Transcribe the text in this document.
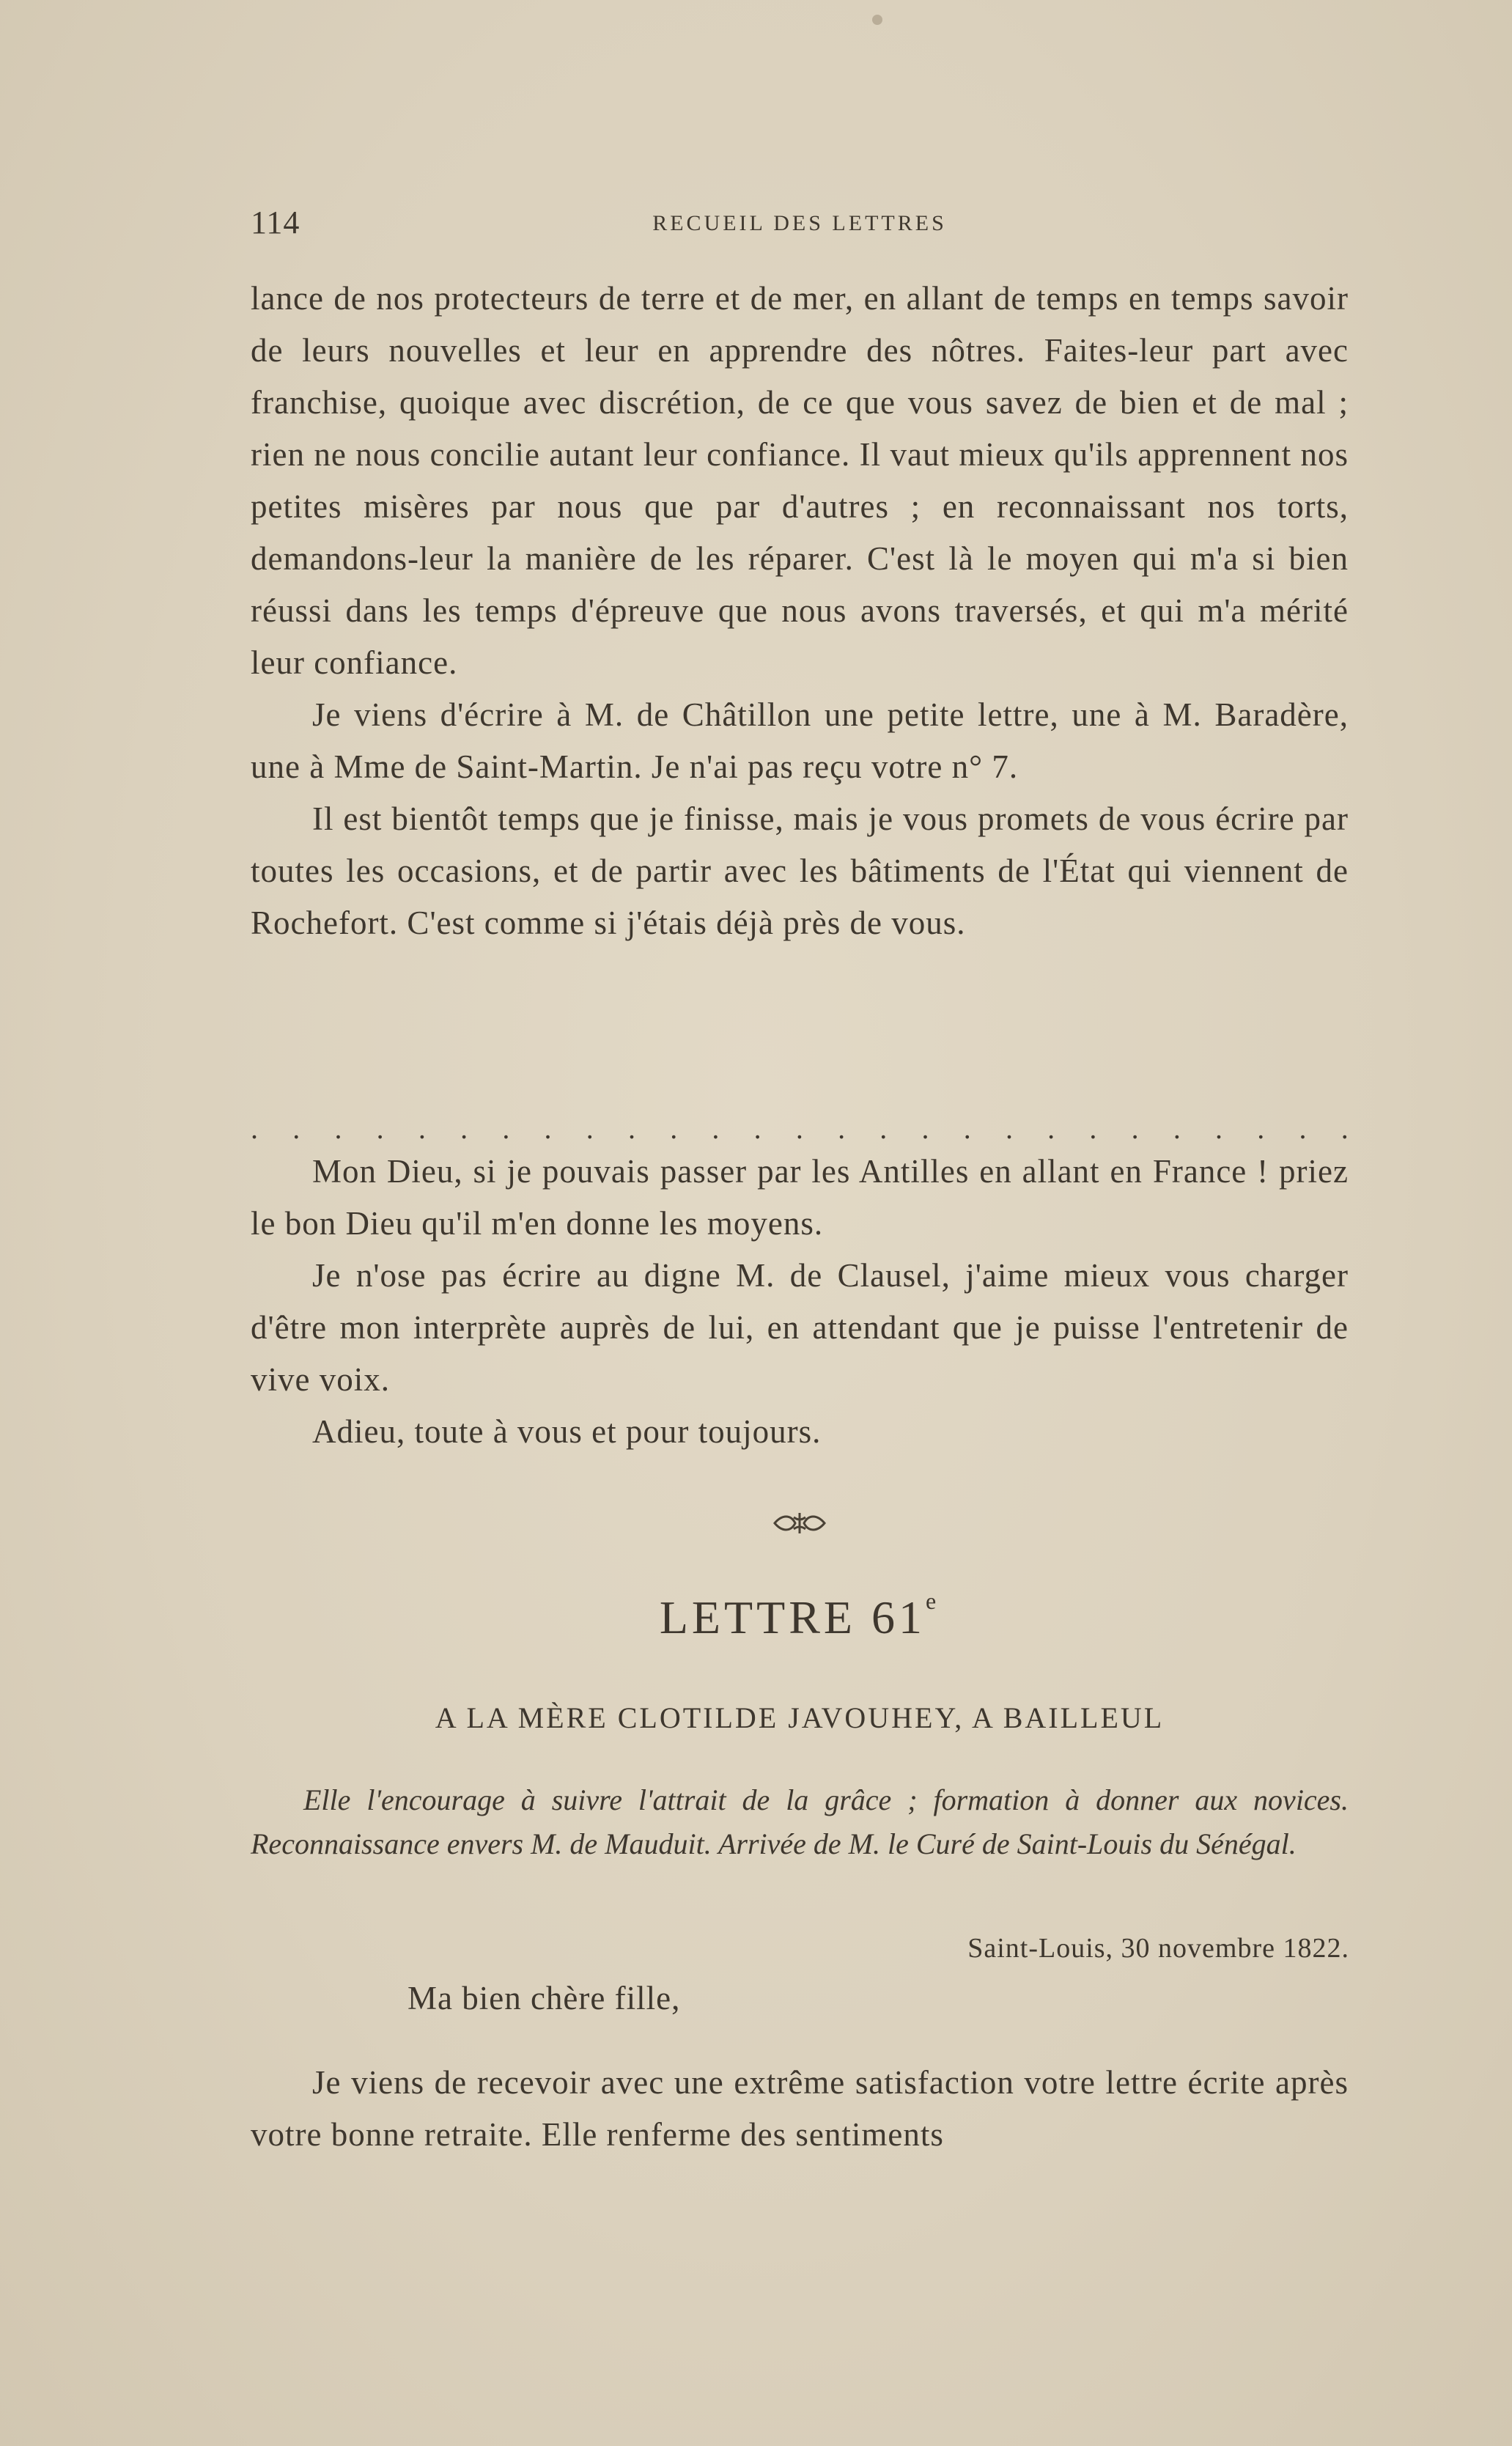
114	RECUEIL DES LETTRES

lance de nos protecteurs de terre et de mer, en allant de temps en temps savoir de leurs nouvelles et leur en apprendre des nôtres. Faites-leur part avec franchise, quoique avec discrétion, de ce que vous savez de bien et de mal ; rien ne nous concilie autant leur confiance. Il vaut mieux qu'ils apprennent nos petites misères par nous que par d'autres ; en reconnaissant nos torts, demandons-leur la manière de les réparer. C'est là le moyen qui m'a si bien réussi dans les temps d'épreuve que nous avons traversés, et qui m'a mérité leur confiance.

Je viens d'écrire à M. de Châtillon une petite lettre, une à M. Baradère, une à Mme de Saint-Martin. Je n'ai pas reçu votre n° 7.

Il est bientôt temps que je finisse, mais je vous promets de vous écrire par toutes les occasions, et de partir avec les bâtiments de l'État qui viennent de Rochefort. C'est comme si j'étais déjà près de vous.

. . . . . . . . . . . . . . . . . . . . . . . . . . .

Mon Dieu, si je pouvais passer par les Antilles en allant en France ! priez le bon Dieu qu'il m'en donne les moyens.

Je n'ose pas écrire au digne M. de Clausel, j'aime mieux vous charger d'être mon interprète auprès de lui, en attendant que je puisse l'entretenir de vive voix.

Adieu, toute à vous et pour toujours.

LETTRE 61e
A LA MÈRE CLOTILDE JAVOUHEY, A BAILLEUL
Elle l'encourage à suivre l'attrait de la grâce ; formation à donner aux novices. Reconnaissance envers M. de Mauduit. Arrivée de M. le Curé de Saint-Louis du Sénégal.
Saint-Louis, 30 novembre 1822.
Ma bien chère fille,

Je viens de recevoir avec une extrême satisfaction votre lettre écrite après votre bonne retraite. Elle renferme des sentiments
